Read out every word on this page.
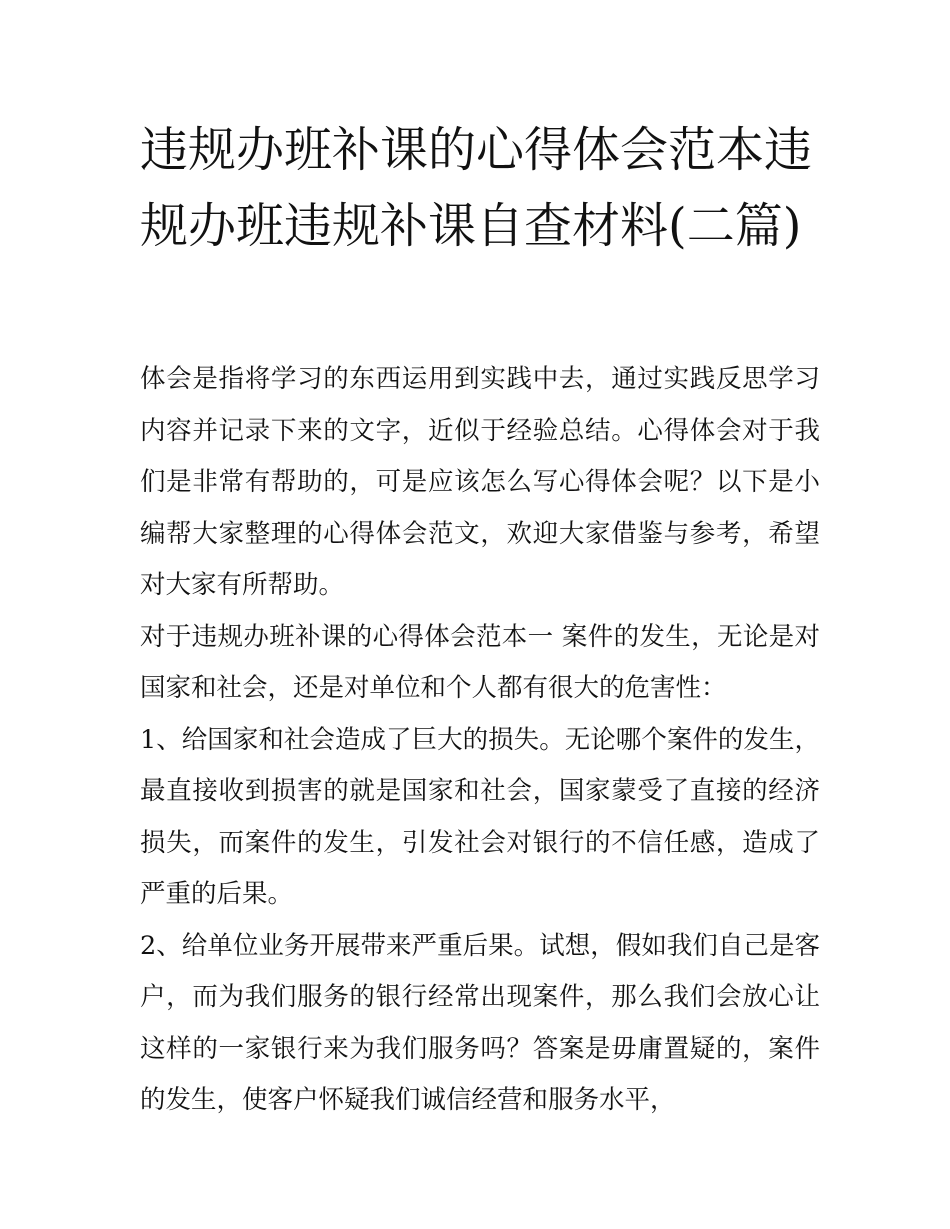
违规办班补课的心得体会范本违规办班违规补课自查材料(二篇)

体会是指将学习的东西运用到实践中去，通过实践反思学习内容并记录下来的文字，近似于经验总结。心得体会对于我们是非常有帮助的，可是应该怎么写心得体会呢？以下是小编帮大家整理的心得体会范文，欢迎大家借鉴与参考，希望对大家有所帮助。

对于违规办班补课的心得体会范本一 案件的发生，无论是对国家和社会，还是对单位和个人都有很大的危害性：

1、给国家和社会造成了巨大的损失。无论哪个案件的发生，最直接收到损害的就是国家和社会，国家蒙受了直接的经济损失，而案件的发生，引发社会对银行的不信任感，造成了严重的后果。

2、给单位业务开展带来严重后果。试想，假如我们自己是客户，而为我们服务的银行经常出现案件，那么我们会放心让这样的一家银行来为我们服务吗？答案是毋庸置疑的，案件的发生，使客户怀疑我们诚信经营和服务水平，
